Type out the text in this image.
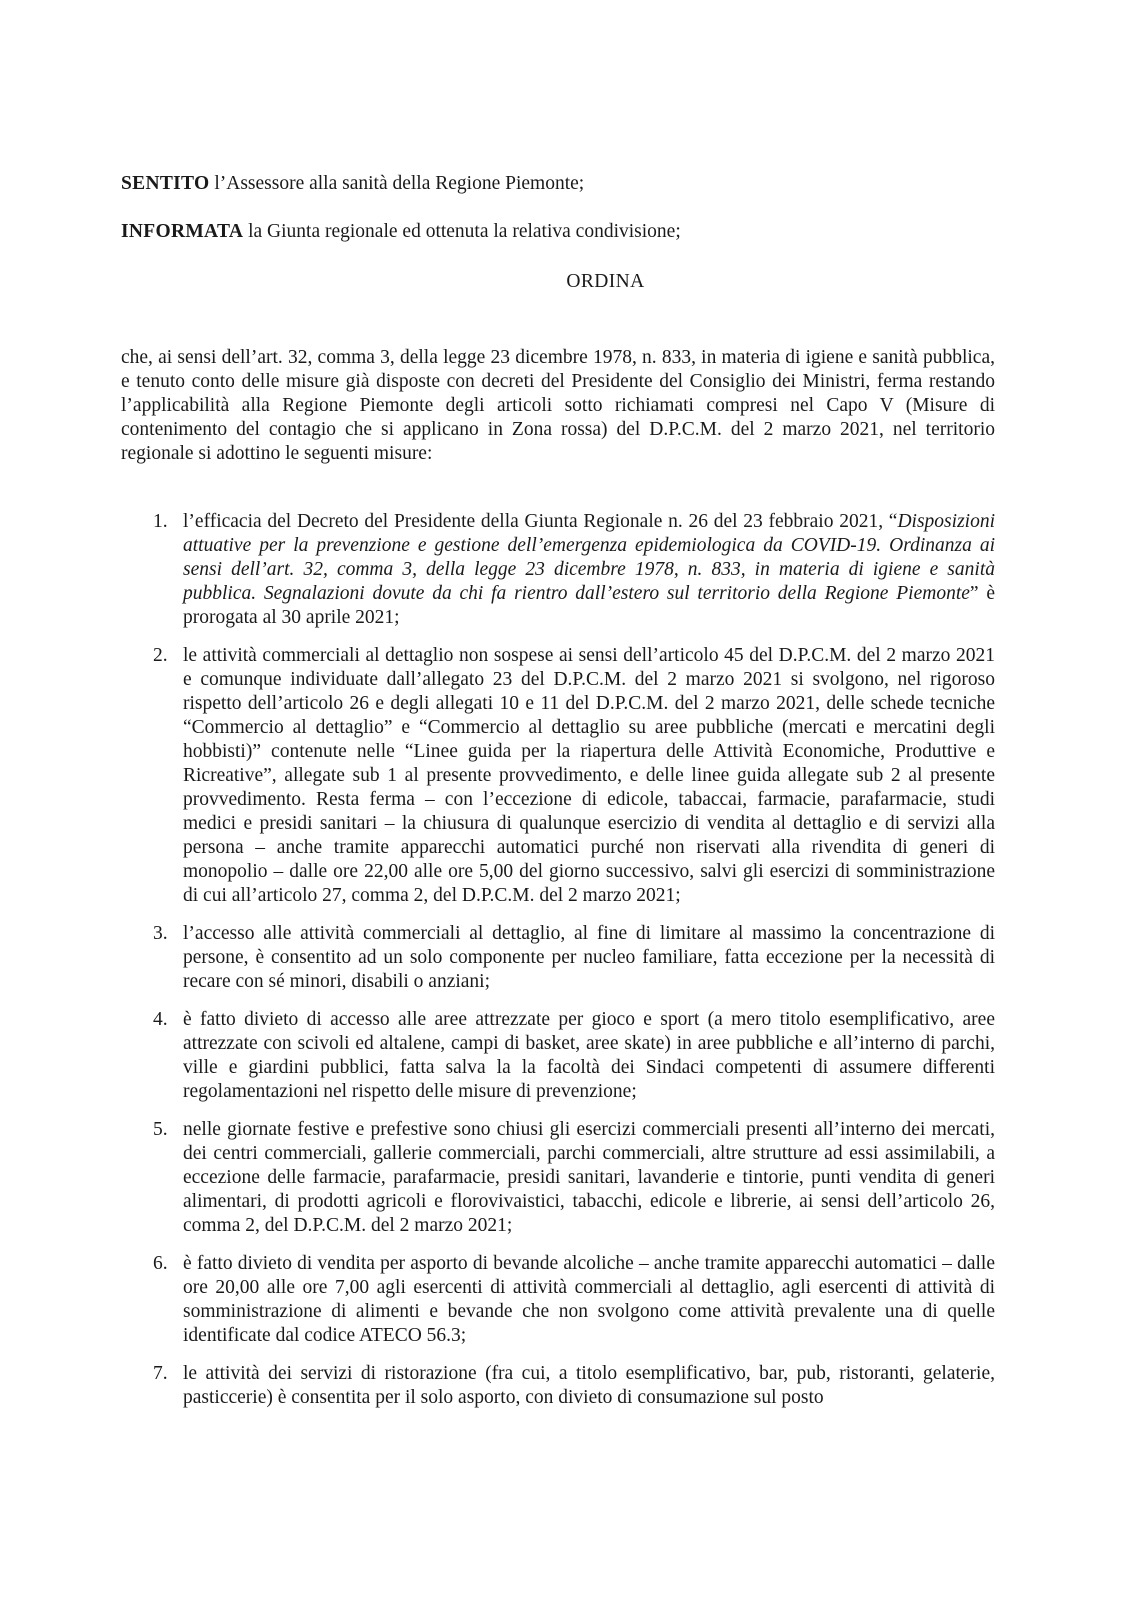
SENTITO l’Assessore alla sanità della Regione Piemonte;
INFORMATA la Giunta regionale ed ottenuta la relativa condivisione;
ORDINA
che, ai sensi dell’art. 32, comma 3, della legge 23 dicembre 1978, n. 833, in materia di igiene e sanità pubblica, e tenuto conto delle misure già disposte con decreti del Presidente del Consiglio dei Ministri, ferma restando l’applicabilità alla Regione Piemonte degli articoli sotto richiamati compresi nel Capo V (Misure di contenimento del contagio che si applicano in Zona rossa) del D.P.C.M. del 2 marzo 2021, nel territorio regionale si adottino le seguenti misure:
1. l’efficacia del Decreto del Presidente della Giunta Regionale n. 26 del 23 febbraio 2021, “Disposizioni attuative per la prevenzione e gestione dell’emergenza epidemiologica da COVID-19. Ordinanza ai sensi dell’art. 32, comma 3, della legge 23 dicembre 1978, n. 833, in materia di igiene e sanità pubblica. Segnalazioni dovute da chi fa rientro dall’estero sul territorio della Regione Piemonte” è prorogata al 30 aprile 2021;
2. le attività commerciali al dettaglio non sospese ai sensi dell’articolo 45 del D.P.C.M. del 2 marzo 2021 e comunque individuate dall’allegato 23 del D.P.C.M. del 2 marzo 2021 si svolgono, nel rigoroso rispetto dell’articolo 26 e degli allegati 10 e 11 del D.P.C.M. del 2 marzo 2021, delle schede tecniche “Commercio al dettaglio” e “Commercio al dettaglio su aree pubbliche (mercati e mercatini degli hobbisti)” contenute nelle “Linee guida per la riapertura delle Attività Economiche, Produttive e Ricreative”, allegate sub 1 al presente provvedimento, e delle linee guida allegate sub 2 al presente provvedimento. Resta ferma – con l’eccezione di edicole, tabaccai, farmacie, parafarmacie, studi medici e presidi sanitari – la chiusura di qualunque esercizio di vendita al dettaglio e di servizi alla persona – anche tramite apparecchi automatici purché non riservati alla rivendita di generi di monopolio – dalle ore 22,00 alle ore 5,00 del giorno successivo, salvi gli esercizi di somministrazione di cui all’articolo 27, comma 2, del D.P.C.M. del 2 marzo 2021;
3. l’accesso alle attività commerciali al dettaglio, al fine di limitare al massimo la concentrazione di persone, è consentito ad un solo componente per nucleo familiare, fatta eccezione per la necessità di recare con sé minori, disabili o anziani;
4. è fatto divieto di accesso alle aree attrezzate per gioco e sport (a mero titolo esemplificativo, aree attrezzate con scivoli ed altalene, campi di basket, aree skate) in aree pubbliche e all’interno di parchi, ville e giardini pubblici, fatta salva la la facoltà dei Sindaci competenti di assumere differenti regolamentazioni nel rispetto delle misure di prevenzione;
5. nelle giornate festive e prefestive sono chiusi gli esercizi commerciali presenti all’interno dei mercati, dei centri commerciali, gallerie commerciali, parchi commerciali, altre strutture ad essi assimilabili, a eccezione delle farmacie, parafarmacie, presidi sanitari, lavanderie e tintorie, punti vendita di generi alimentari, di prodotti agricoli e florovivaistici, tabacchi, edicole e librerie, ai sensi dell’articolo 26, comma 2, del D.P.C.M. del 2 marzo 2021;
6. è fatto divieto di vendita per asporto di bevande alcoliche – anche tramite apparecchi automatici – dalle ore 20,00 alle ore 7,00 agli esercenti di attività commerciali al dettaglio, agli esercenti di attività di somministrazione di alimenti e bevande che non svolgono come attività prevalente una di quelle identificate dal codice ATECO 56.3;
7. le attività dei servizi di ristorazione (fra cui, a titolo esemplificativo, bar, pub, ristoranti, gelaterie, pasticcerie) è consentita per il solo asporto, con divieto di consumazione sul posto
